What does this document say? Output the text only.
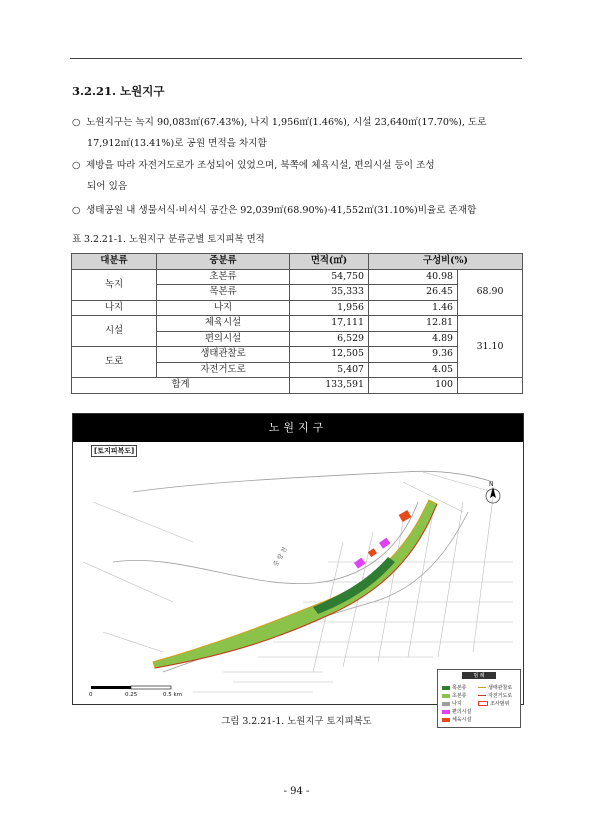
3.2.21. 노원지구
○ 노원지구는 녹지 90,083㎡(67.43%), 나지 1,956㎡(1.46%), 시설 23,640㎡(17.70%), 도로
17,912㎡(13.41%)로 공원 면적을 차지함
○ 제방을 따라 자전거도로가 조성되어 있었으며, 북쪽에 체육시설, 편의시설 등이 조성
되어 있음
○ 생태공원 내 생물서식·비서식 공간은 92,039㎡(68.90%)·41,552㎡(31.10%)비율로 존재함
표 3.2.21-1. 노원지구 분류군별 토지피복 면적
대분류	중분류	면적(㎡)	구성비(%)	
녹지	초본류	54,750	40.98	68.90
	목본류	35,333	26.45	
나지	나지	1,956	1.46	
시설	체육시설	17,111	12.81	31.10
	편의시설	6,529	4.89	
도로	생태관찰로	12,505	9.36	
	자전거도로	5,407	4.05	
합계		133,591	100	
노원지구
[토지피복도]
N
중 랑 천
0	0.25	0.5 km
범 례
목본류
초본류
나지
편의시설
체육시설
생태관찰로
자전거도로
조사범위
그림 3.2.21-1. 노원지구 토지피복도
- 94 -
